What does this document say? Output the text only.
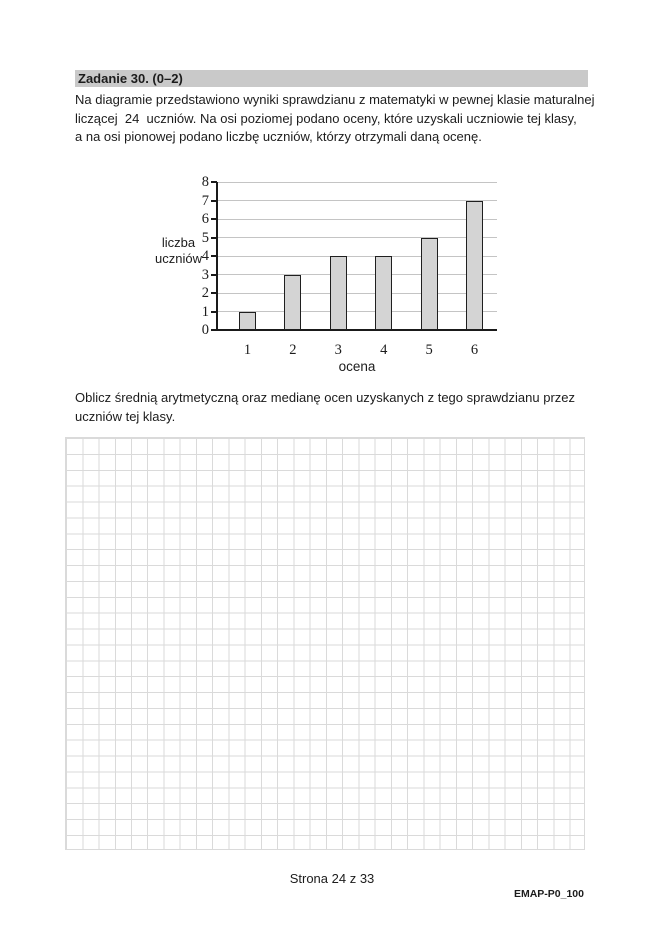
Zadanie 30. (0–2)
Na diagramie przedstawiono wyniki sprawdzianu z matematyki w pewnej klasie maturalnej
liczącej  24  uczniów. Na osi poziomej podano oceny, które uzyskali uczniowie tej klasy,
a na osi pionowej podano liczbę uczniów, którzy otrzymali daną ocenę.
liczba uczniów
ocena
0
1
2
3
4
5
6
7
8
1	2	3	4	5	6
Oblicz średnią arytmetyczną oraz medianę ocen uzyskanych z tego sprawdzianu przez
uczniów tej klasy.
Strona 24 z 33
EMAP-P0_100
